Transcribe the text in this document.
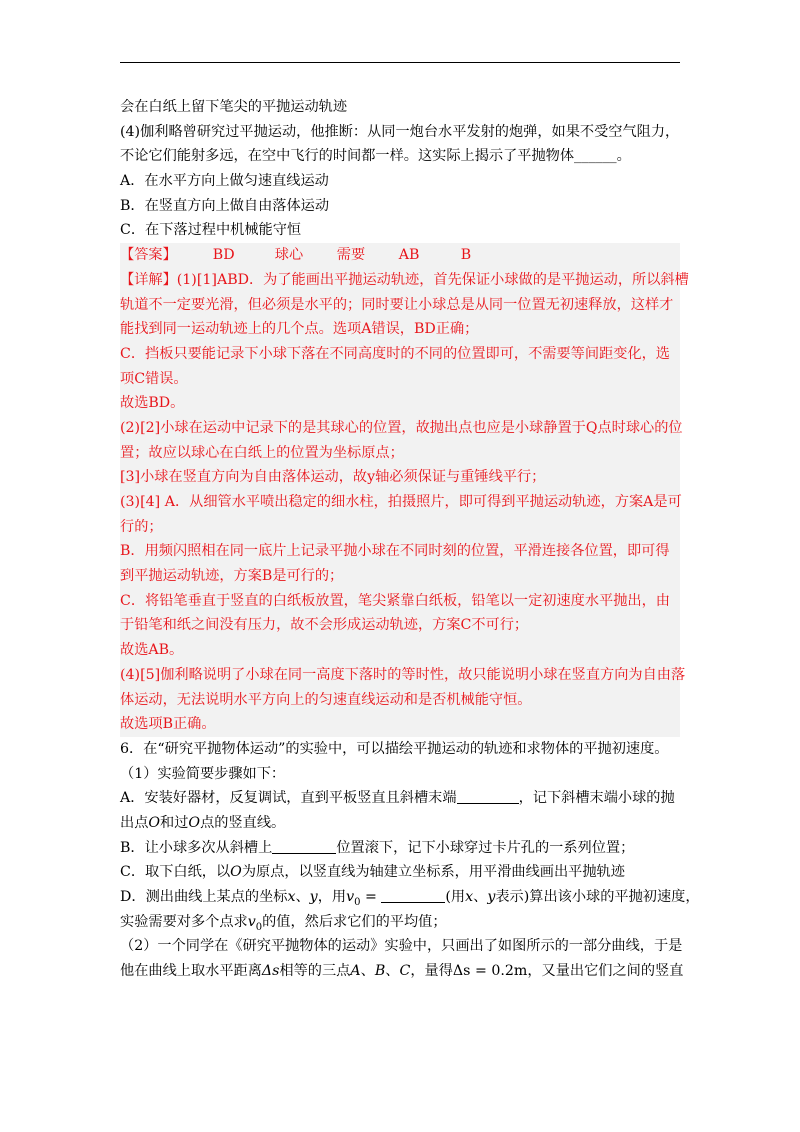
会在白纸上留下笔尖的平抛运动轨迹
(4)伽利略曾研究过平抛运动，他推断：从同一炮台水平发射的炮弹，如果不受空气阻力，
不论它们能射多远，在空中飞行的时间都一样。这实际上揭示了平抛物体______。
A．在水平方向上做匀速直线运动
B．在竖直方向上做自由落体运动
C．在下落过程中机械能守恒
【答案】	BD	球心 需要 AB	B
【详解】(1)[1]ABD．为了能画出平抛运动轨迹，首先保证小球做的是平抛运动，所以斜槽
轨道不一定要光滑，但必须是水平的；同时要让小球总是从同一位置无初速释放，这样才
能找到同一运动轨迹上的几个点。选项A错误，BD正确；
C．挡板只要能记录下小球下落在不同高度时的不同的位置即可，不需要等间距变化，选
项C错误。
故选BD。
(2)[2]小球在运动中记录下的是其球心的位置，故抛出点也应是小球静置于Q点时球心的位
置；故应以球心在白纸上的位置为坐标原点；
[3]小球在竖直方向为自由落体运动，故y轴必须保证与重锤线平行；
(3)[4] A．从细管水平喷出稳定的细水柱，拍摄照片，即可得到平抛运动轨迹，方案A是可
行的；
B．用频闪照相在同一底片上记录平抛小球在不同时刻的位置，平滑连接各位置，即可得
到平抛运动轨迹，方案B是可行的；
C．将铅笔垂直于竖直的白纸板放置，笔尖紧靠白纸板，铅笔以一定初速度水平抛出，由
于铅笔和纸之间没有压力，故不会形成运动轨迹，方案C不可行；
故选AB。
(4)[5]伽利略说明了小球在同一高度下落时的等时性，故只能说明小球在竖直方向为自由落
体运动，无法说明水平方向上的匀速直线运动和是否机械能守恒。
故选项B正确。
6．在“研究平抛物体运动”的实验中，可以描绘平抛运动的轨迹和求物体的平抛初速度。
（1）实验简要步骤如下：
A．安装好器材，反复调试，直到平板竖直且斜槽末端	，记下斜槽末端小球的抛
出点O和过O点的竖直线。
B．让小球多次从斜槽上	位置滚下，记下小球穿过卡片孔的一系列位置；
C．取下白纸，以O为原点，以竖直线为轴建立坐标系，用平滑曲线画出平抛轨迹
D．测出曲线上某点的坐标x、y，用$v_0$ =	(用x、y表示)算出该小球的平抛初速度，
实验需要对多个点求$v_0$的值，然后求它们的平均值；
（2）一个同学在《研究平抛物体的运动》实验中，只画出了如图所示的一部分曲线，于是
他在曲线上取水平距离Δs相等的三点A、B、C，量得Δs = 0.2m，又量出它们之间的竖直
